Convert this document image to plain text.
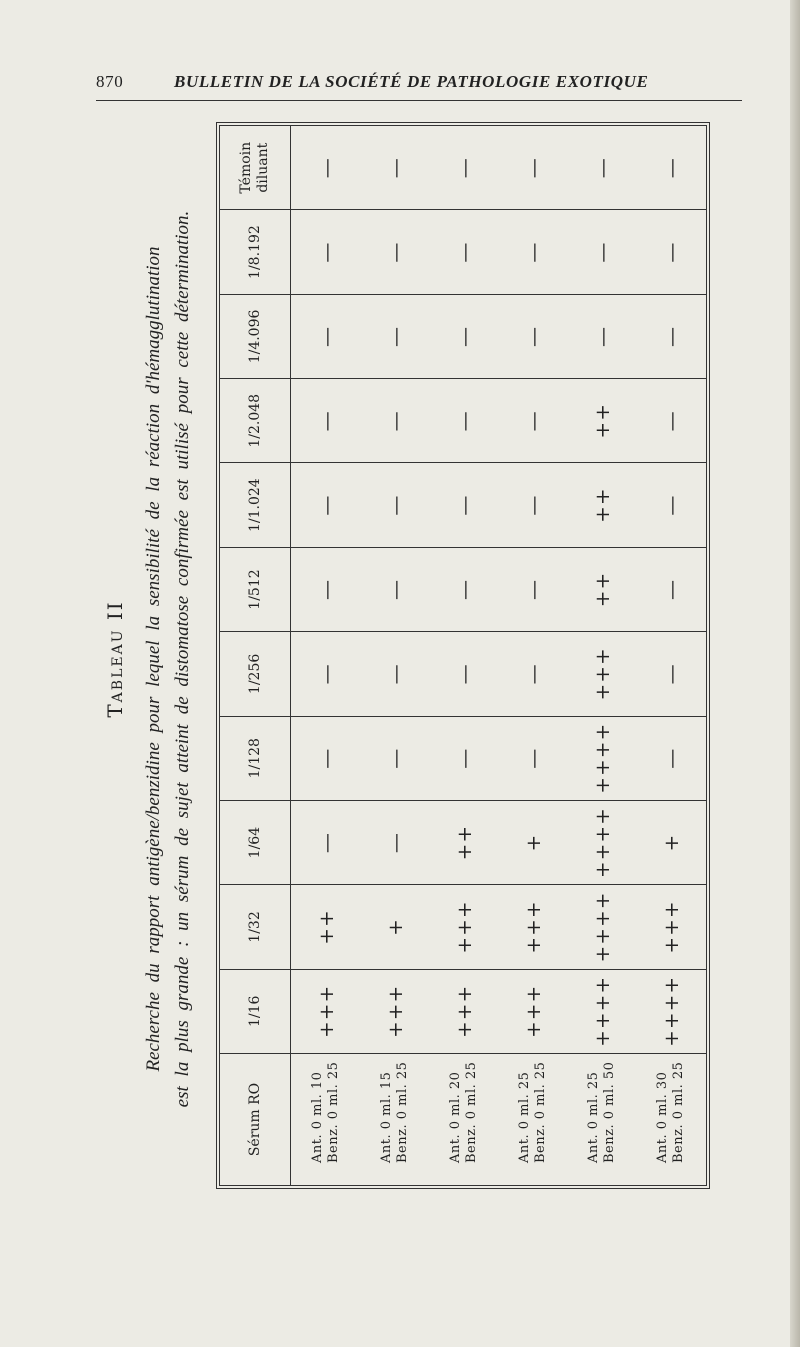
870	BULLETIN DE LA SOCIÉTÉ DE PATHOLOGIE EXOTIQUE
Tableau II Recherche du rapport antigène/benzidine pour lequel la sensibilité de la réaction d'hémagglutination est la plus grande : un sérum de sujet atteint de distomatose confirmée est utilisé pour cette détermination.
Sérum RO	1/16	1/32	1/64	1/128	1/256	1/512	1/1.024	1/2.048	1/4.096	1/8.192	Témoin diluant

Ant. 0 ml. 10 Benz. 0 ml. 25	+++	++	—	—	—	—	—	—	—	—	—

Ant. 0 ml. 15 Benz. 0 ml. 25	+++	+	—	—	—	—	—	—	—	—	—

Ant. 0 ml. 20 Benz. 0 ml. 25	+++	+++	++	—	—	—	—	—	—	—	—

Ant. 0 ml. 25 Benz. 0 ml. 25	+++	+++	+	—	—	—	—	—	—	—	—

Ant. 0 ml. 25 Benz. 0 ml. 50	++++	++++	++++	++++	+++	++	++	++	—	—	—

Ant. 0 ml. 30 Benz. 0 ml. 25	++++	+++	+	—	—	—	—	—	—	—	—
